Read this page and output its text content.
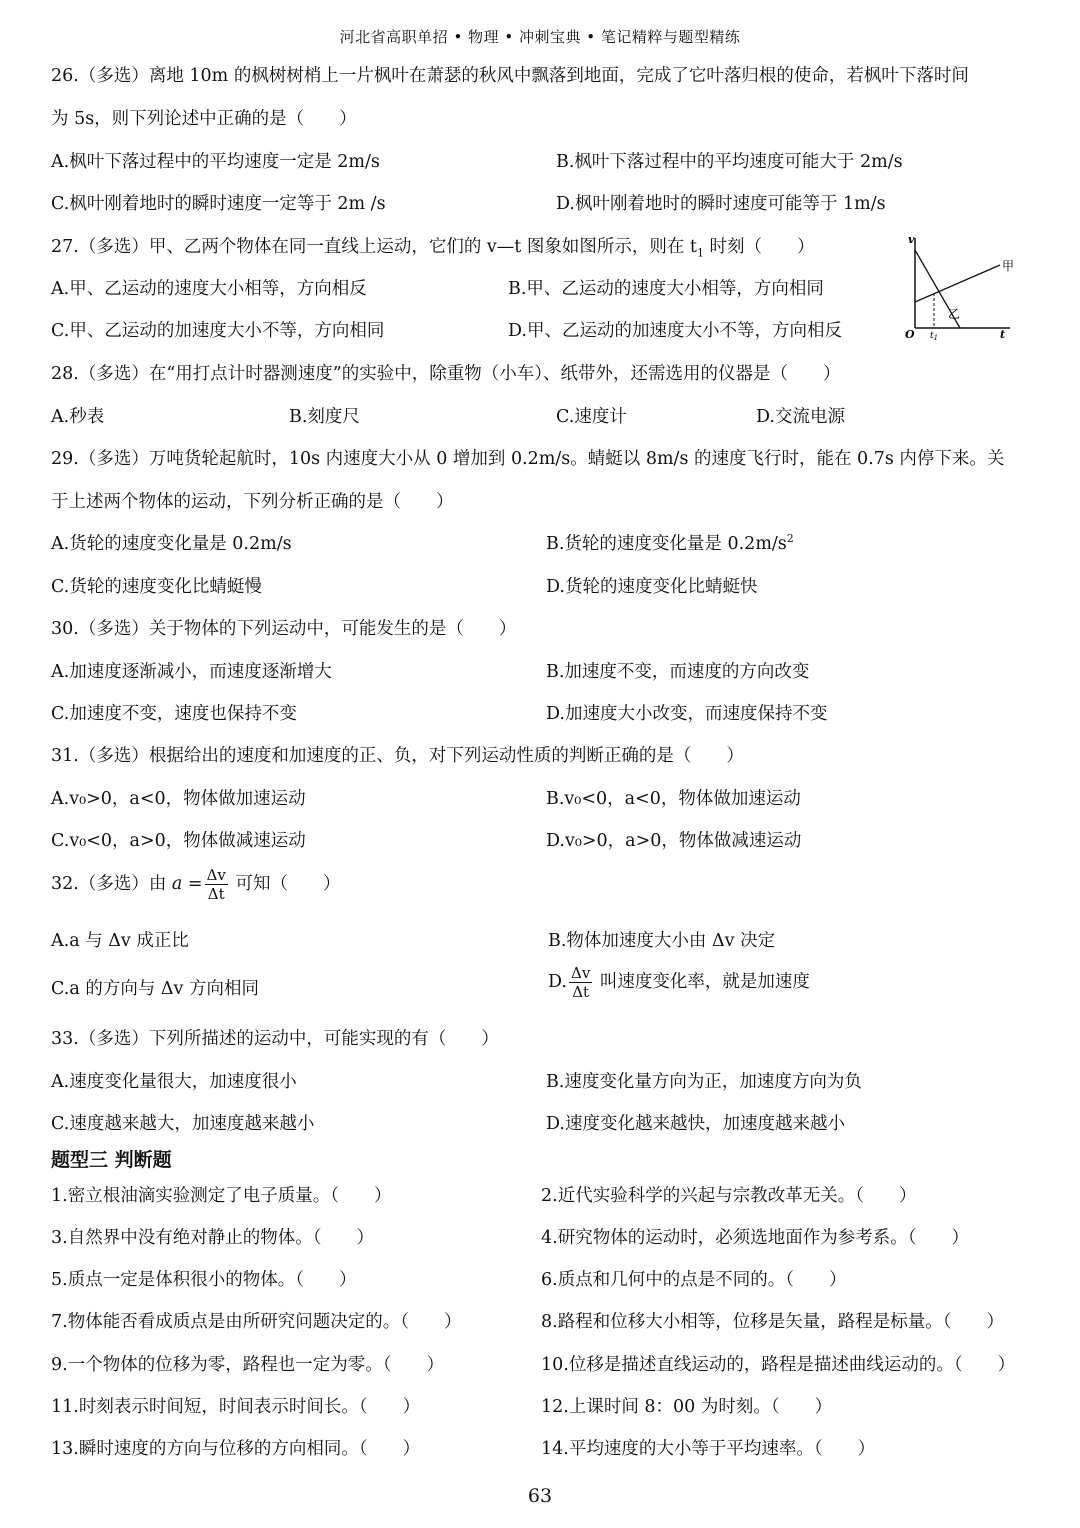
河北省高职单招 • 物理 • 冲刺宝典 • 笔记精粹与题型精练
26.（多选）离地 10m 的枫树树梢上一片枫叶在萧瑟的秋风中飘落到地面，完成了它叶落归根的使命，若枫叶下落时间
为 5s，则下列论述中正确的是（　　）
A.枫叶下落过程中的平均速度一定是 2m/s	B.枫叶下落过程中的平均速度可能大于 2m/s
C.枫叶刚着地时的瞬时速度一定等于 2m /s	D.枫叶刚着地时的瞬时速度可能等于 1m/s
27.（多选）甲、乙两个物体在同一直线上运动，它们的 v—t 图象如图所示，则在 $t_1$ 时刻（　　）
A.甲、乙运动的速度大小相等，方向相反	B.甲、乙运动的速度大小相等，方向相同
C.甲、乙运动的加速度大小不等，方向相同	D.甲、乙运动的加速度大小不等，方向相反
v
t
O $t_1$
甲
乙
28.（多选）在“用打点计时器测速度”的实验中，除重物（小车）、纸带外，还需选用的仪器是（　　）
A.秒表	B.刻度尺	C.速度计	D.交流电源
29.（多选）万吨货轮起航时，10s 内速度大小从 0 增加到 0.2m/s。蜻蜓以 8m/s 的速度飞行时，能在 0.7s 内停下来。关
于上述两个物体的运动，下列分析正确的是（　　）
A.货轮的速度变化量是 0.2m/s	B.货轮的速度变化量是 $0.2m/s^2$
C.货轮的速度变化比蜻蜓慢	D.货轮的速度变化比蜻蜓快
30.（多选）关于物体的下列运动中，可能发生的是（　　）
A.加速度逐渐减小，而速度逐渐增大	B.加速度不变，而速度的方向改变
C.加速度不变，速度也保持不变	D.加速度大小改变，而速度保持不变
31.（多选）根据给出的速度和加速度的正、负，对下列运动性质的判断正确的是（　　）
A.v₀>0，a<0，物体做加速运动	B.v₀<0，a<0，物体做加速运动
C.v₀<0，a>0，物体做减速运动	D.v₀>0，a>0，物体做减速运动
32.（多选）由 $a = \frac{\Delta v}{\Delta t}$ 可知（　　）
A.a 与 Δv 成正比	B.物体加速度大小由 Δv 决定
C.a 的方向与 Δv 方向相同	D. $\frac{\Delta v}{\Delta t}$ 叫速度变化率，就是加速度
33.（多选）下列所描述的运动中，可能实现的有（　　）
A.速度变化量很大，加速度很小	B.速度变化量方向为正，加速度方向为负
C.速度越来越大，加速度越来越小	D.速度变化越来越快，加速度越来越小
题型三 判断题
1.密立根油滴实验测定了电子质量。（　　）	2.近代实验科学的兴起与宗教改革无关。（　　）
3.自然界中没有绝对静止的物体。（　　）	4.研究物体的运动时，必须选地面作为参考系。（　　）
5.质点一定是体积很小的物体。（　　）	6.质点和几何中的点是不同的。（　　）
7.物体能否看成质点是由所研究问题决定的。（　　）	8.路程和位移大小相等，位移是矢量，路程是标量。（　　）
9.一个物体的位移为零，路程也一定为零。（　　）	10.位移是描述直线运动的，路程是描述曲线运动的。（　　）
11.时刻表示时间短，时间表示时间长。（　　）	12.上课时间 8：00 为时刻。（　　）
13.瞬时速度的方向与位移的方向相同。（　　）	14.平均速度的大小等于平均速率。（　　）
63
